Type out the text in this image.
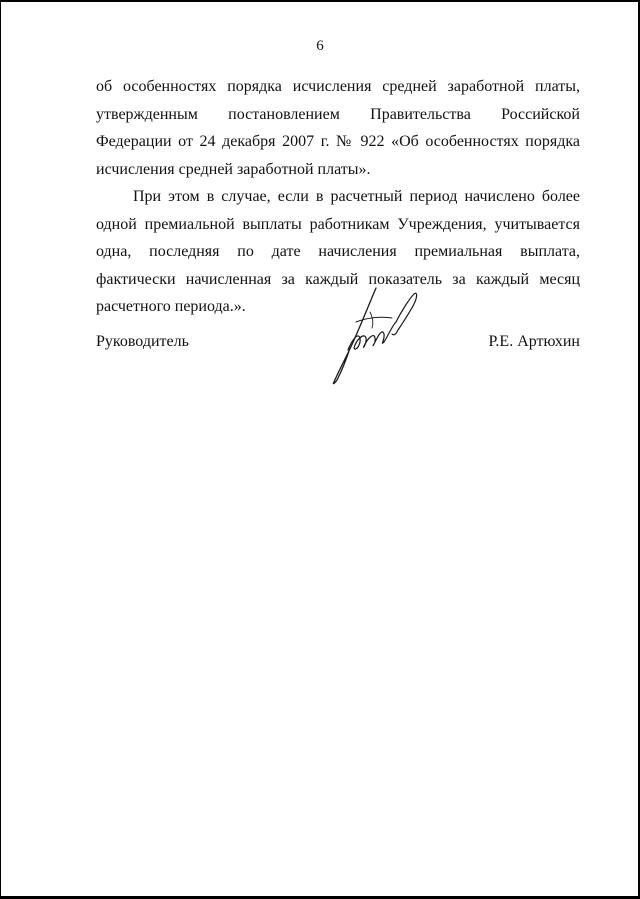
6

об особенностях порядка исчисления средней заработной платы, утвержденным постановлением Правительства Российской Федерации от 24 декабря 2007 г. № 922 «Об особенностях порядка исчисления средней заработной платы».

При этом в случае, если в расчетный период начислено более одной премиальной выплаты работникам Учреждения, учитывается одна, последняя по дате начисления премиальная выплата, фактически начисленная за каждый показатель за каждый месяц расчетного периода.».

Руководитель	Р.Е. Артюхин
